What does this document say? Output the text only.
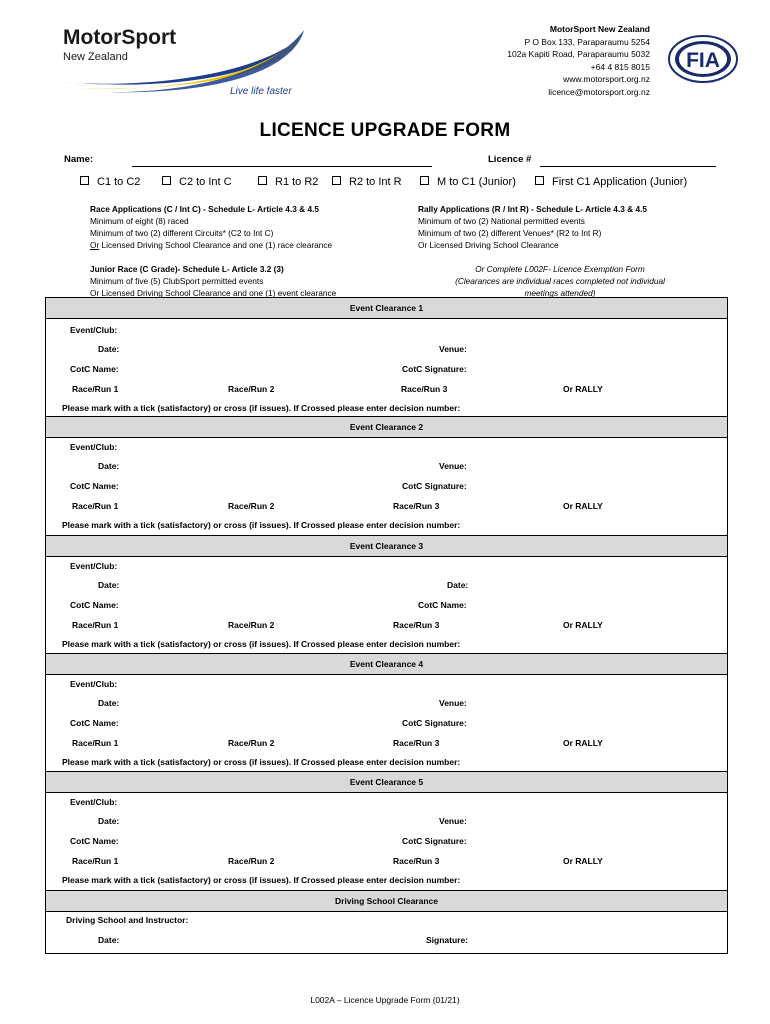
MotorSport
New Zealand
Live life faster
MotorSport New Zealand
P O Box 133, Paraparaumu 5254
102a Kapiti Road, Paraparaumu 5032
+64 4 815 8015
www.motorsport.org.nz
licence@motorsport.org.nz
FIA
LICENCE UPGRADE FORM
Name:	Licence #
C1 to C2	C2 to Int C	R1 to R2	R2 to Int R	M to C1 (Junior)	First C1 Application (Junior)
Race Applications (C / Int C) - Schedule L- Article 4.3 & 4.5
Minimum of eight (8) raced
Minimum of two (2) different Circuits* (C2 to Int C)
Or Licensed Driving School Clearance and one (1) race clearance
Junior Race (C Grade)- Schedule L- Article 3.2 (3)
Minimum of five (5) ClubSport permitted events
Or Licensed Driving School Clearance and one (1) event clearance
Rally Applications (R / Int R) - Schedule L- Article 4.3 & 4.5
Minimum of two (2) National permitted events
Minimum of two (2) different Venues* (R2 to Int R)
Or Licensed Driving School Clearance
Or Complete L002F- Licence Exemption Form
(Clearances are individual races completed not individual
meetings attended)
Event Clearance 1
Event/Club:
Date:	Venue:
CotC Name:	CotC Signature:
Race/Run 1	Race/Run 2	Race/Run 3	Or RALLY
Please mark with a tick (satisfactory) or cross (if issues). If Crossed please enter decision number:
Event Clearance 2
Event/Club:
Date:	Venue:
CotC Name:	CotC Signature:
Race/Run 1	Race/Run 2	Race/Run 3	Or RALLY
Please mark with a tick (satisfactory) or cross (if issues). If Crossed please enter decision number:
Event Clearance 3
Event/Club:
Date:	Date:
CotC Name:	CotC Name:
Race/Run 1	Race/Run 2	Race/Run 3	Or RALLY
Please mark with a tick (satisfactory) or cross (if issues). If Crossed please enter decision number:
Event Clearance 4
Event/Club:
Date:	Venue:
CotC Name:	CotC Signature:
Race/Run 1	Race/Run 2	Race/Run 3	Or RALLY
Please mark with a tick (satisfactory) or cross (if issues). If Crossed please enter decision number:
Event Clearance 5
Event/Club:
Date:	Venue:
CotC Name:	CotC Signature:
Race/Run 1	Race/Run 2	Race/Run 3	Or RALLY
Please mark with a tick (satisfactory) or cross (if issues). If Crossed please enter decision number:
Driving School Clearance
Driving School and Instructor:
Date:	Signature:
L002A – Licence Upgrade Form (01/21)
